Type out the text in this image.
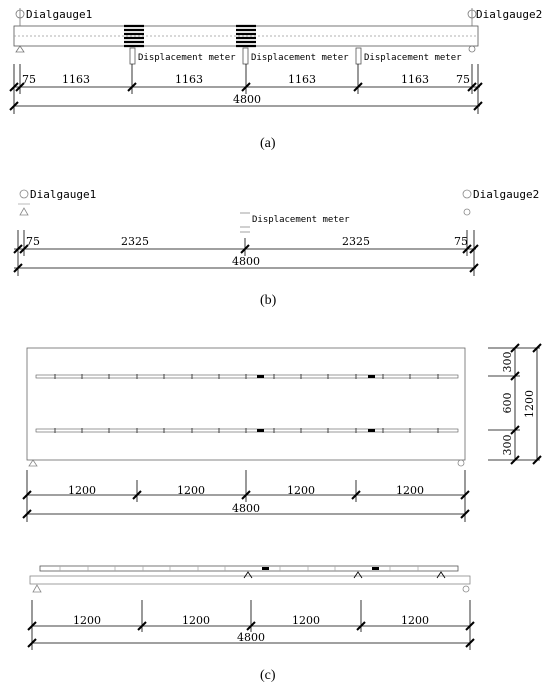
Dialgauge1	Dialgauge2
Displacement meter Displacement meter Displacement meter
75 1163	1163	1163	1163 75
4800
Dialgauge1	Dialgauge2
Displacement meter
75	2325	2325	75
4800
1200	1200	1200	1200
4800
300
600
300
1200
1200	1200	1200	1200
4800
(a)
(b)
(c)
